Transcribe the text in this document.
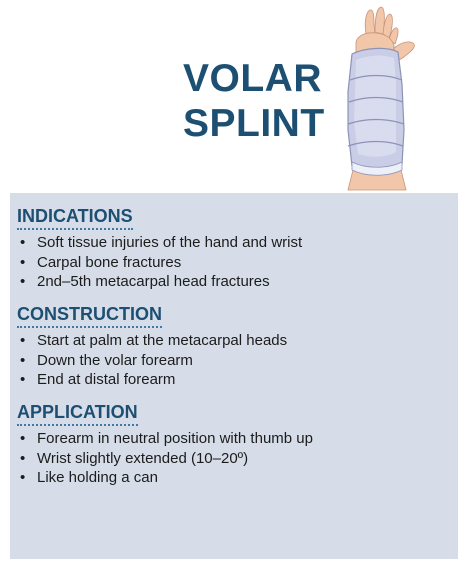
VOLAR
SPLINT
INDICATIONS
• Soft tissue injuries of the hand and wrist
• Carpal bone fractures
• 2nd–5th metacarpal head fractures
CONSTRUCTION
• Start at palm at the metacarpal heads
• Down the volar forearm
• End at distal forearm
APPLICATION
• Forearm in neutral position with thumb up
• Wrist slightly extended (10–20º)
• Like holding a can
